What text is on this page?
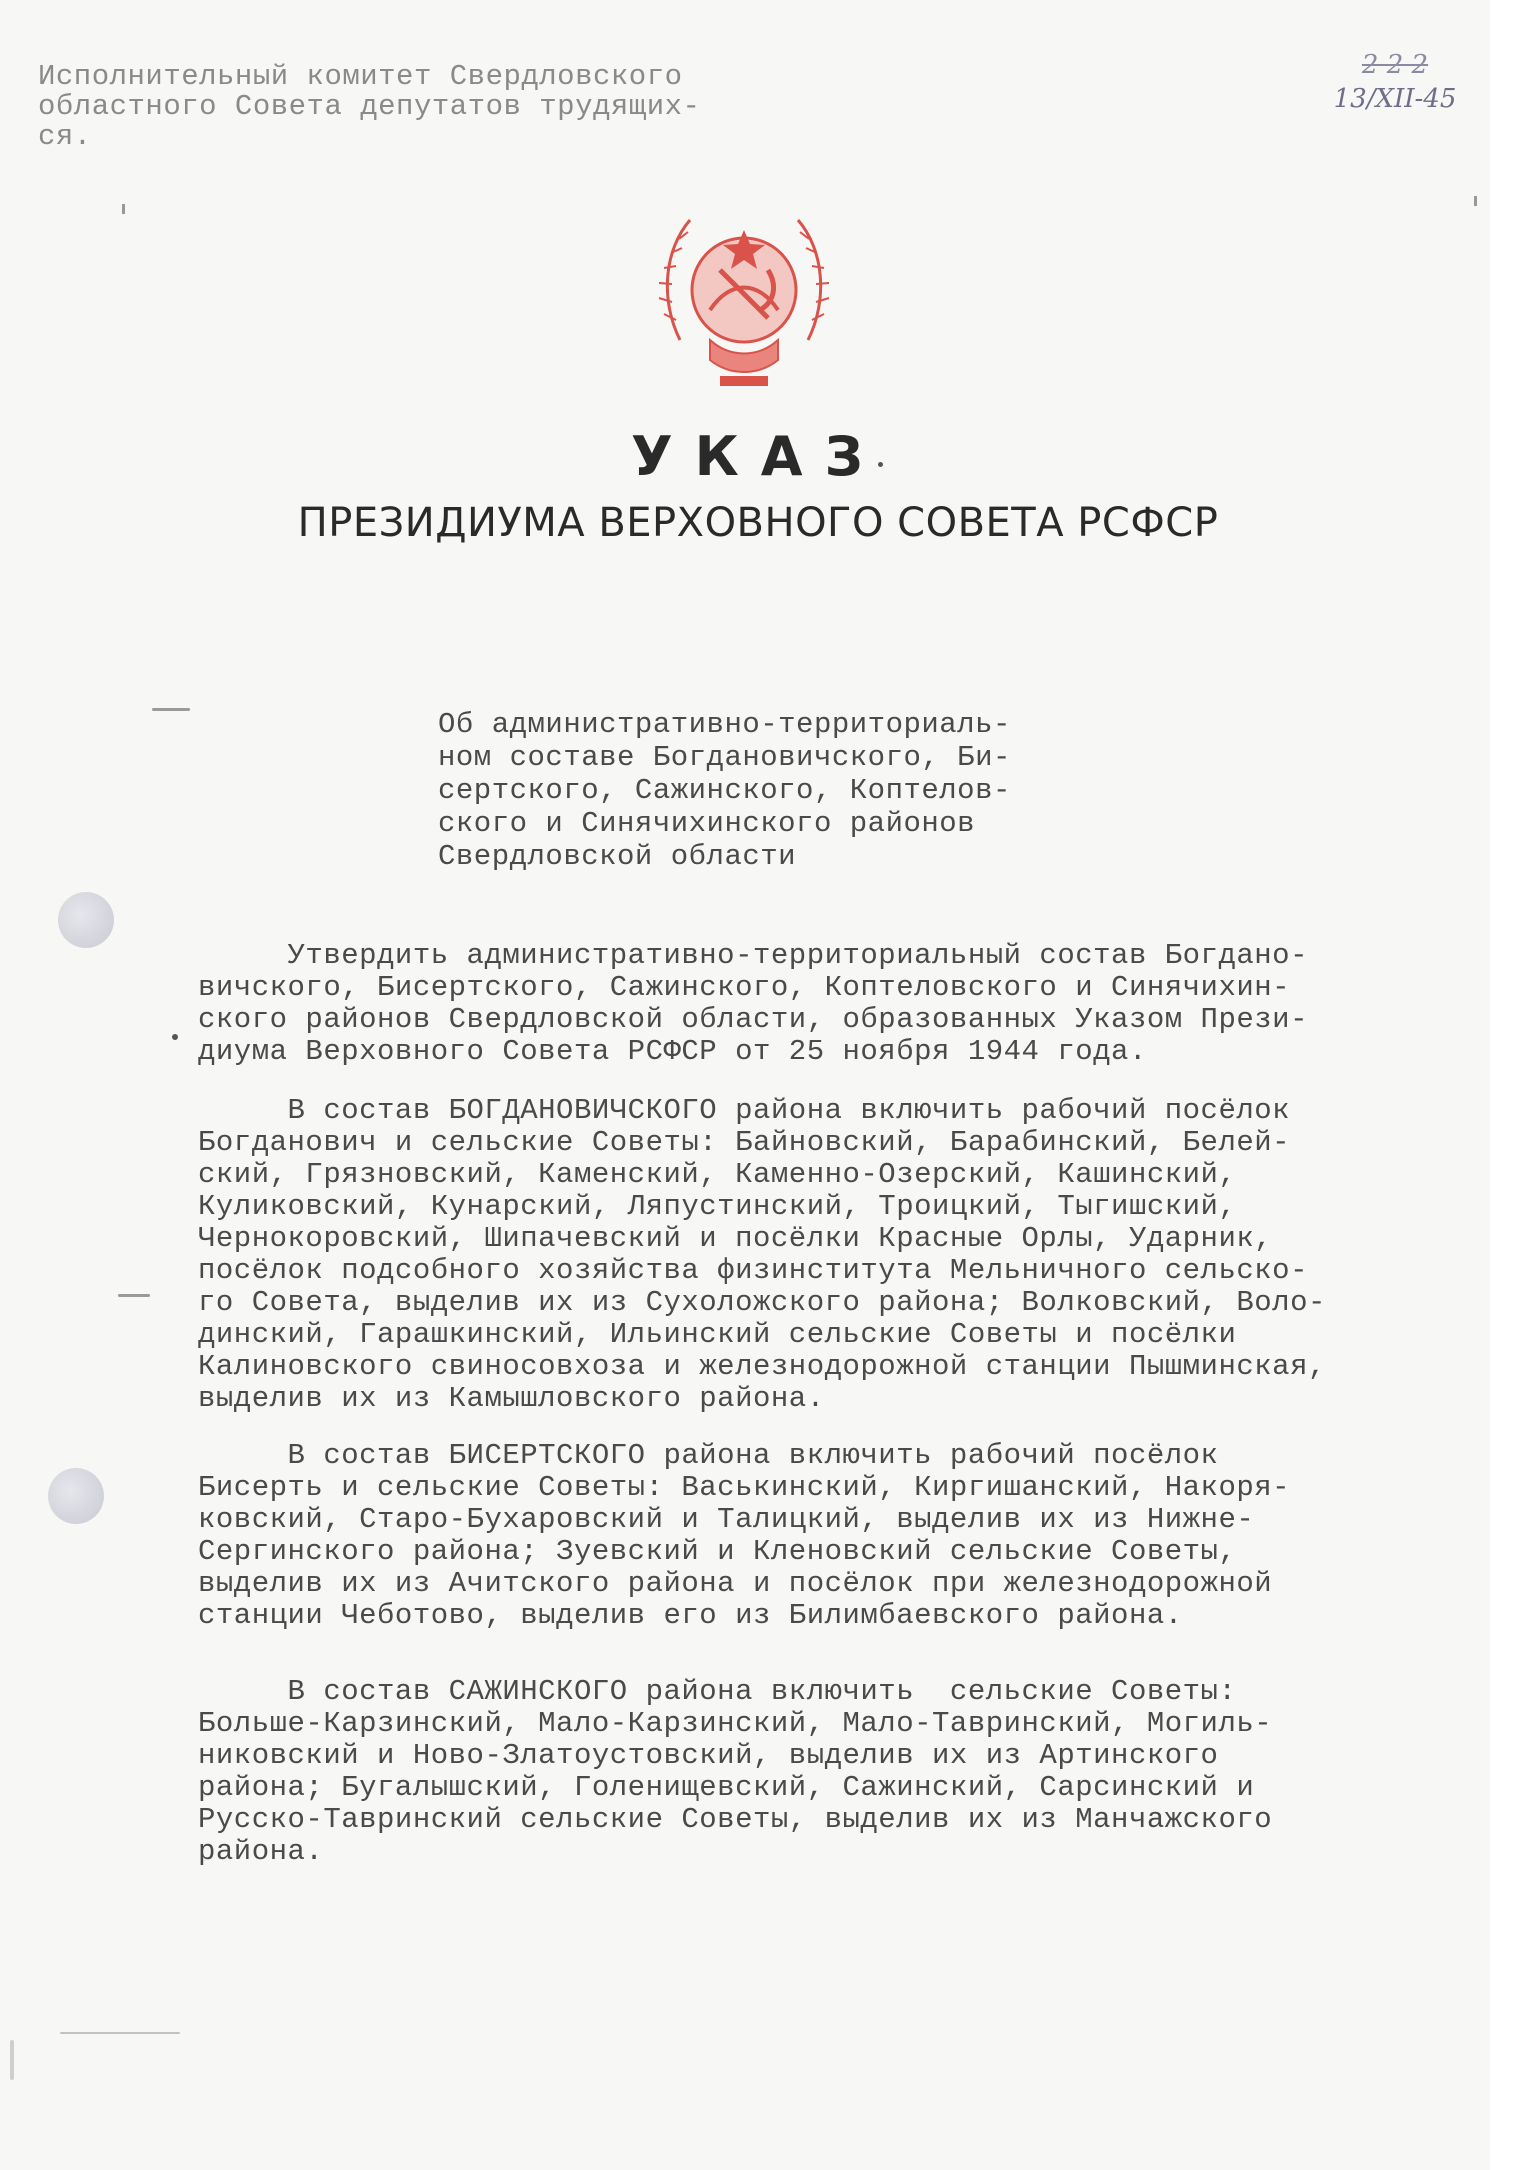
Исполнительный комитет Свердловского
областного Совета депутатов трудящих-
ся.
2 2 2
13/XII-45
УКАЗ
ПРЕЗИДИУМА ВЕРХОВНОГО СОВЕТА РСФСР
Об административно-территориаль-
ном составе Богдановичского, Би-
сертского, Сажинского, Коптелов-
ского и Синячихинского районов
Свердловской области
Утвердить административно-территориальный состав Богдано-
вичского, Бисертского, Сажинского, Коптеловского и Синячихин-
ского районов Свердловской области, образованных Указом Прези-
диума Верховного Совета РСФСР от 25 ноября 1944 года.
В состав БОГДАНОВИЧСКОГО района включить рабочий посёлок
Богданович и сельские Советы: Байновский, Барабинский, Белей-
ский, Грязновский, Каменский, Каменно-Озерский, Кашинский,
Куликовский, Кунарский, Ляпустинский, Троицкий, Тыгишский,
Чернокоровский, Шипачевский и посёлки Красные Орлы, Ударник,
посёлок подсобного хозяйства физинститута Мельничного сельско-
го Совета, выделив их из Сухоложского района; Волковский, Воло-
динский, Гарашкинский, Ильинский сельские Советы и посёлки
Калиновского свиносовхоза и железнодорожной станции Пышминская,
выделив их из Камышловского района.
В состав БИСЕРТСКОГО района включить рабочий посёлок
Бисерть и сельские Советы: Васькинский, Киргишанский, Накоря-
ковский, Старо-Бухаровский и Талицкий, выделив их из Нижне-
Сергинского района; Зуевский и Кленовский сельские Советы,
выделив их из Ачитского района и посёлок при железнодорожной
станции Чеботово, выделив его из Билимбаевского района.
В состав САЖИНСКОГО района включить  сельские Советы:
Больше-Карзинский, Мало-Карзинский, Мало-Тавринский, Могиль-
никовский и Ново-Златоустовский, выделив их из Артинского
района; Бугалышский, Голенищевский, Сажинский, Сарсинский и
Русско-Тавринский сельские Советы, выделив их из Манчажского
района.
